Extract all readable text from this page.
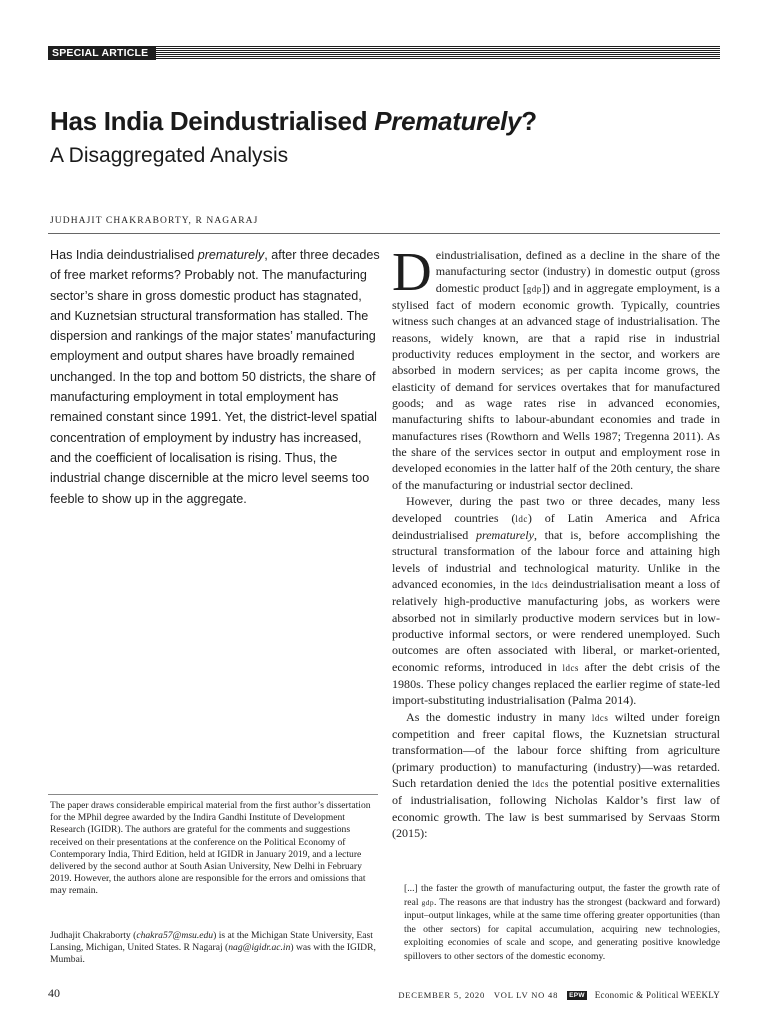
SPECIAL ARTICLE
Has India Deindustrialised Prematurely?
A Disaggregated Analysis
JUDHAJIT CHAKRABORTY, R NAGARAJ

Has India deindustrialised prematurely, after three decades of free market reforms? Probably not. The manufacturing sector’s share in gross domestic product has stagnated, and Kuznetsian structural transformation has stalled. The dispersion and rankings of the major states’ manufacturing employment and output shares have broadly remained unchanged. In the top and bottom 50 districts, the share of manufacturing employment in total employment has remained constant since 1991. Yet, the district-level spatial concentration of employment by industry has increased, and the coefficient of localisation is rising. Thus, the industrial change discernible at the micro level seems too feeble to show up in the aggregate.

The paper draws considerable empirical material from the first author’s dissertation for the MPhil degree awarded by the Indira Gandhi Institute of Development Research (IGIDR). The authors are grateful for the comments and suggestions received on their presentations at the conference on the Political Economy of Contemporary India, Third Edition, held at IGIDR in January 2019, and a lecture delivered by the second author at South Asian University, New Delhi in February 2019. However, the authors alone are responsible for the errors and omissions that may remain.

Judhajit Chakraborty (chakra57@msu.edu) is at the Michigan State University, East Lansing, Michigan, United States. R Nagaraj (nag@igidr.ac.in) was with the IGIDR, Mumbai.

Deindustrialisation, defined as a decline in the share of the manufacturing sector (industry) in domestic output (gross domestic product [gdp]) and in aggregate employment, is a stylised fact of modern economic growth. Typically, countries witness such changes at an advanced stage of industrialisation. The reasons, widely known, are that a rapid rise in industrial productivity reduces employment in the sector, and workers are absorbed in modern services; as per capita income grows, the elasticity of demand for services overtakes that for manufactured goods; and as wage rates rise in advanced economies, manufacturing shifts to labour-abundant economies and trade in manufactures rises (Rowthorn and Wells 1987; Tregenna 2011). As the share of the services sector in output and employment rose in developed economies in the latter half of the 20th century, the share of the manufacturing or industrial sector declined.

However, during the past two or three decades, many less developed countries (ldc) of Latin America and Africa deindustrialised prematurely, that is, before accomplishing the structural transformation of the labour force and attaining high levels of industrial and technological maturity. Unlike in the advanced economies, in the ldcs deindustrialisation meant a loss of relatively high-productive manufacturing jobs, as workers were absorbed not in similarly productive modern services but in low-productive informal sectors, or were rendered unemployed. Such outcomes are often associated with liberal, or market-oriented, economic reforms, introduced in ldcs after the debt crisis of the 1980s. These policy changes replaced the earlier regime of state-led import-substituting industrialisation (Palma 2014).

As the domestic industry in many ldcs wilted under foreign competition and freer capital flows, the Kuznetsian structural transformation—of the labour force shifting from agriculture (primary production) to manufacturing (industry)—was retarded. Such retardation denied the ldcs the potential positive externalities of industrialisation, following Nicholas Kaldor’s first law of economic growth. The law is best summarised by Servaas Storm (2015):

[...] the faster the growth of manufacturing output, the faster the growth rate of real gdp. The reasons are that industry has the strongest (backward and forward) input–output linkages, while at the same time offering greater opportunities (than the other sectors) for capital accumulation, acquiring new technologies, exploiting economies of scale and scope, and generating positive knowledge spillovers to other sectors of the domestic economy.

40	DECEMBER 5, 2020 VOL LV NO 48 EPW Economic & Political WEEKLY
